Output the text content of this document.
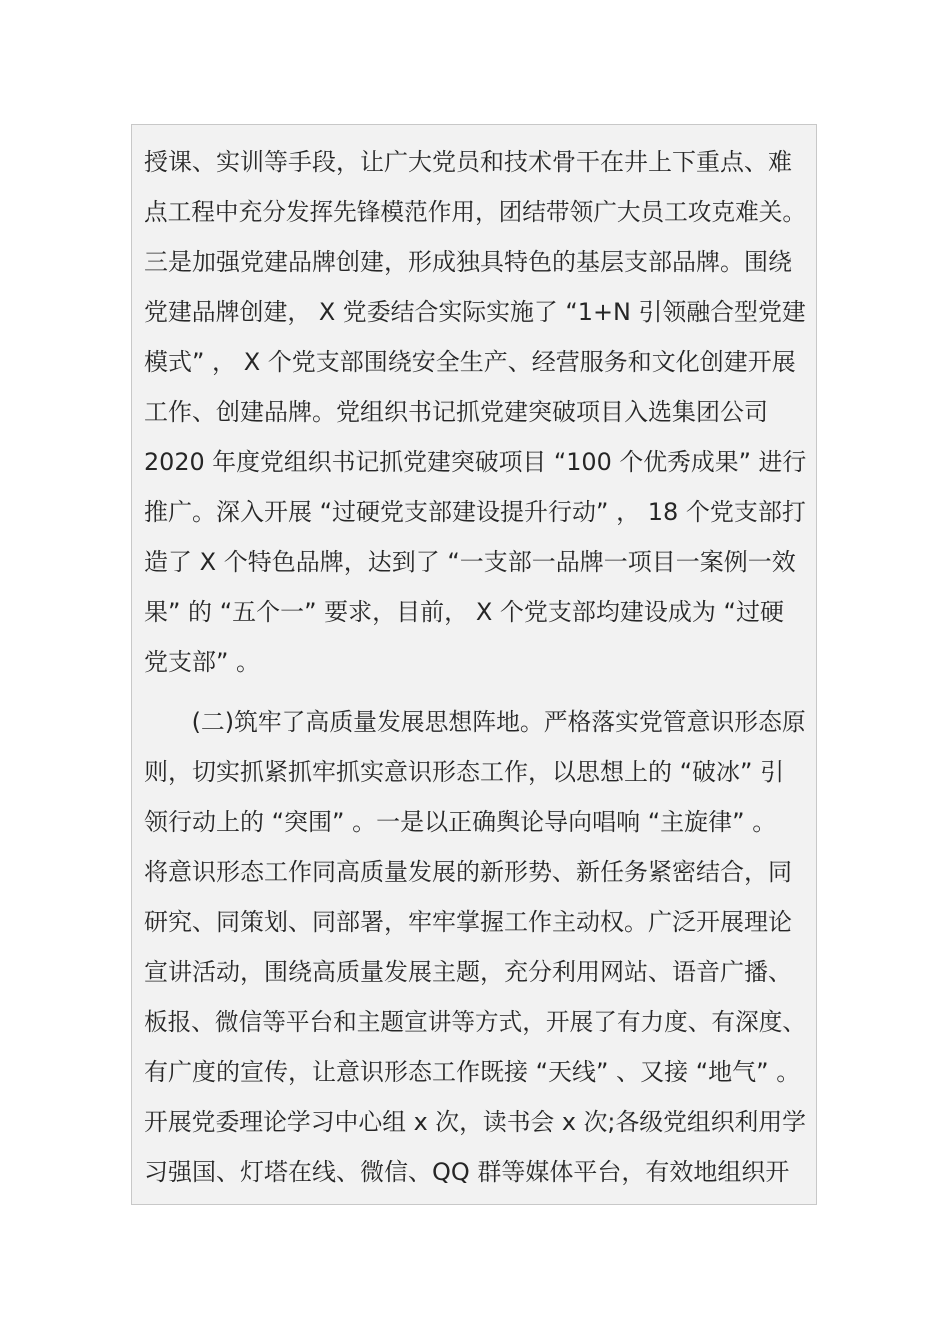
授课、实训等手段，让广大党员和技术骨干在井上下重点、难
点工程中充分发挥先锋模范作用，团结带领广大员工攻克难关。
三是加强党建品牌创建，形成独具特色的基层支部品牌。围绕
党建品牌创建， X 党委结合实际实施了 “1+N 引领融合型党建
模式” ， X 个党支部围绕安全生产、经营服务和文化创建开展
工作、创建品牌。党组织书记抓党建突破项目入选集团公司
2020 年度党组织书记抓党建突破项目 “100 个优秀成果” 进行
推广。深入开展 “过硬党支部建设提升行动” ， 18 个党支部打
造了 X 个特色品牌，达到了 “一支部一品牌一项目一案例一效
果” 的 “五个一” 要求，目前， X 个党支部均建设成为 “过硬
党支部” 。
　　(二)筑牢了高质量发展思想阵地。严格落实党管意识形态原
则，切实抓紧抓牢抓实意识形态工作，以思想上的 “破冰” 引
领行动上的 “突围” 。一是以正确舆论导向唱响 “主旋律” 。
将意识形态工作同高质量发展的新形势、新任务紧密结合，同
研究、同策划、同部署，牢牢掌握工作主动权。广泛开展理论
宣讲活动，围绕高质量发展主题，充分利用网站、语音广播、
板报、微信等平台和主题宣讲等方式，开展了有力度、有深度、
有广度的宣传，让意识形态工作既接 “天线” 、又接 “地气” 。
开展党委理论学习中心组 x 次，读书会 x 次;各级党组织利用学
习强国、灯塔在线、微信、QQ 群等媒体平台，有效地组织开
